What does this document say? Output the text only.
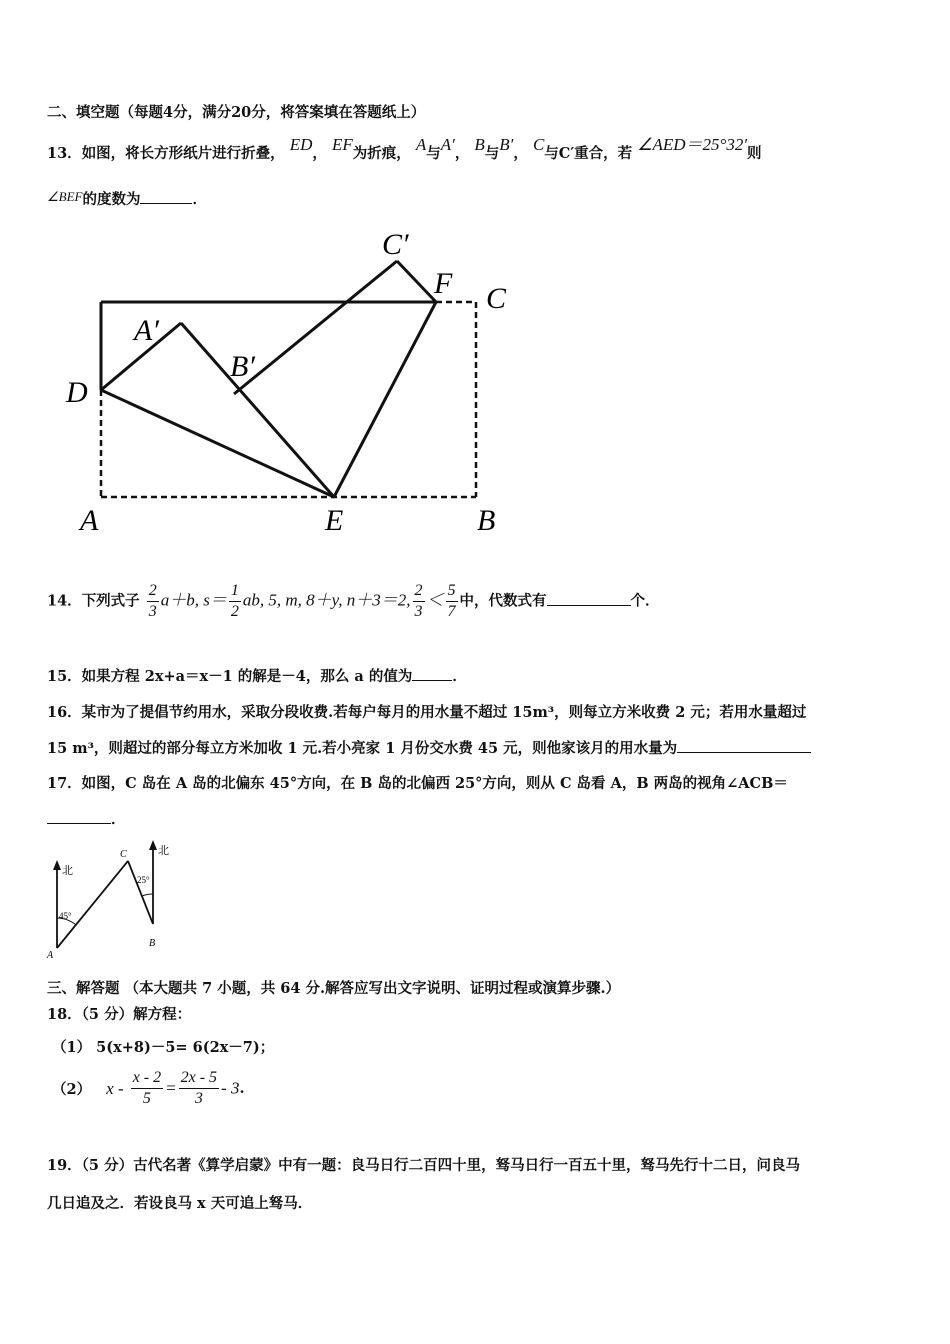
二、填空题（每题4分，满分20分，将答案填在答题纸上）
13．如图，将长方形纸片进行折叠， ED， EF为折痕， A与A′， B与B′， C与C′重合，若 ∠AED＝25°32′则
∠BEF的度数为	．
C′
F C
A′
B′
D
A	E	B
14．下列式子 $\frac{2}{3} a+b$, $s= \frac{1}{2}$ ab, 5, m, 8＋y, n＋3＝2, $\frac{2}{3} < \frac{5}{7}$ 中，代数式有	个．
15．如果方程 2x+a＝x－1 的解是－4，那么 a 的值为	．
16．某市为了提倡节约用水，采取分段收费.若每户每月的用水量不超过 15m³，则每立方米收费 2 元；若用水量超过
15 m³，则超过的部分每立方米加收 1 元.若小亮家 1 月份交水费 45 元，则他家该月的用水量为
17．如图，C 岛在 A 岛的北偏东 45°方向，在 B 岛的北偏西 25°方向，则从 C 岛看 A，B 两岛的视角∠ACB＝
．
北
北
C
45°
25°
A
B
三、解答题 （本大题共 7 小题，共 64 分.解答应写出文字说明、证明过程或演算步骤.）
18．（5 分）解方程：
（1） 5(x+8)－5= 6(2x－7)；
（2） $x - \frac{x - 2}{5} = \frac{2x - 5}{3} - 3$.
19．（5 分）古代名著《算学启蒙》中有一题：良马日行二百四十里，驽马日行一百五十里，驽马先行十二日，问良马
几日追及之．若设良马 x 天可追上驽马．
